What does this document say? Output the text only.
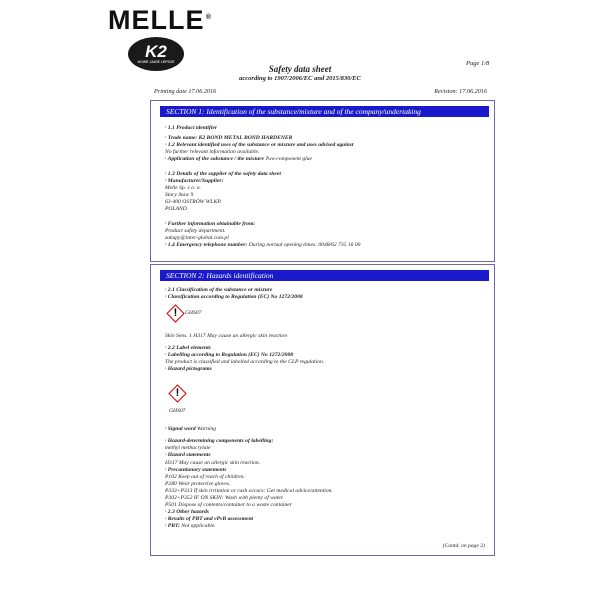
MELLE ®
K2
NOWE JAKIE LEPSZE	Page 1/8
Safety data sheet
according to 1907/2006/EC and 2015/830/EC
Printing date 17.06.2016	Revision: 17.06.2016
SECTION 1: Identification of the substance/mixture and of the company/undertaking
· 1.1 Product identifier
· Trade name: K2 BOND METAL BOND HARDENER
· 1.2 Relevant identified uses of the substance or mixture and uses advised against
No further relevant information available.
· Application of the substance / the mixture Two-component glue
· 1.3 Details of the supplier of the safety data sheet
· Manufacturer/Supplier:
Melle Sp. z o. o.
Stary Staw 9
63-400 OSTRÓW WLKP.
POLAND
· Further information obtainable from:
Product safety department.
zakupy@inter-global.com.pl
· 1.4 Emergency telephone number: During normal opening times: 0048/62 735 16 00
SECTION 2: Hazards identification
· 2.1 Classification of the substance or mixture
· Classification according to Regulation (EC) No 1272/2008
!	GHS07
Skin Sens. 1 H317 May cause an allergic skin reaction
· 2.2 Label elements
· Labelling according to Regulation (EC) No 1272/2008
The product is classified and labelled according to the CLP regulation.
· Hazard pictograms
!
GHS07
· Signal word Warning
· Hazard-determining components of labelling:
methyl methacrylate
· Hazard statements
H317 May cause an allergic skin reaction.
· Precautionary statements
P102 Keep out of reach of children.
P280 Wear protective gloves.
P333+P313 If skin irritation or rash occurs: Get medical advice/attention.
P302+P352 IF ON SKIN: Wash with plenty of water.
P501 Dispose of contents/container to a waste container
· 2.3 Other hazards
· Results of PBT and vPvB assessment
· PBT: Not applicable.
(Contd. on page 2)
